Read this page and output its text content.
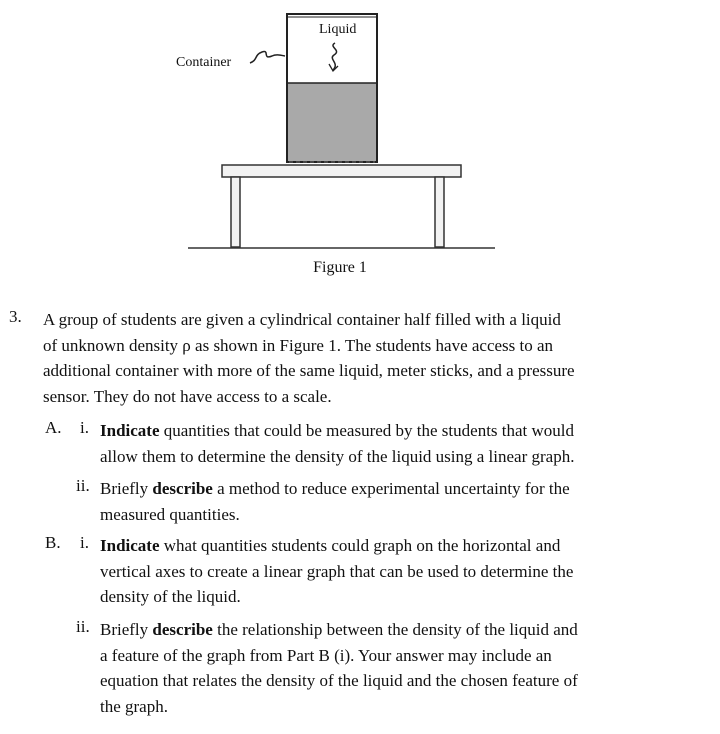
Liquid
Container
Figure 1
3. A group of students are given a cylindrical container half filled with a liquid
of unknown density ρ as shown in Figure 1. The students have access to an
additional container with more of the same liquid, meter sticks, and a pressure
sensor. They do not have access to a scale.
A. i. Indicate quantities that could be measured by the students that would
allow them to determine the density of the liquid using a linear graph.
ii. Briefly describe a method to reduce experimental uncertainty for the
measured quantities.
B. i. Indicate what quantities students could graph on the horizontal and
vertical axes to create a linear graph that can be used to determine the
density of the liquid.
ii. Briefly describe the relationship between the density of the liquid and
a feature of the graph from Part B (i). Your answer may include an
equation that relates the density of the liquid and the chosen feature of
the graph.
